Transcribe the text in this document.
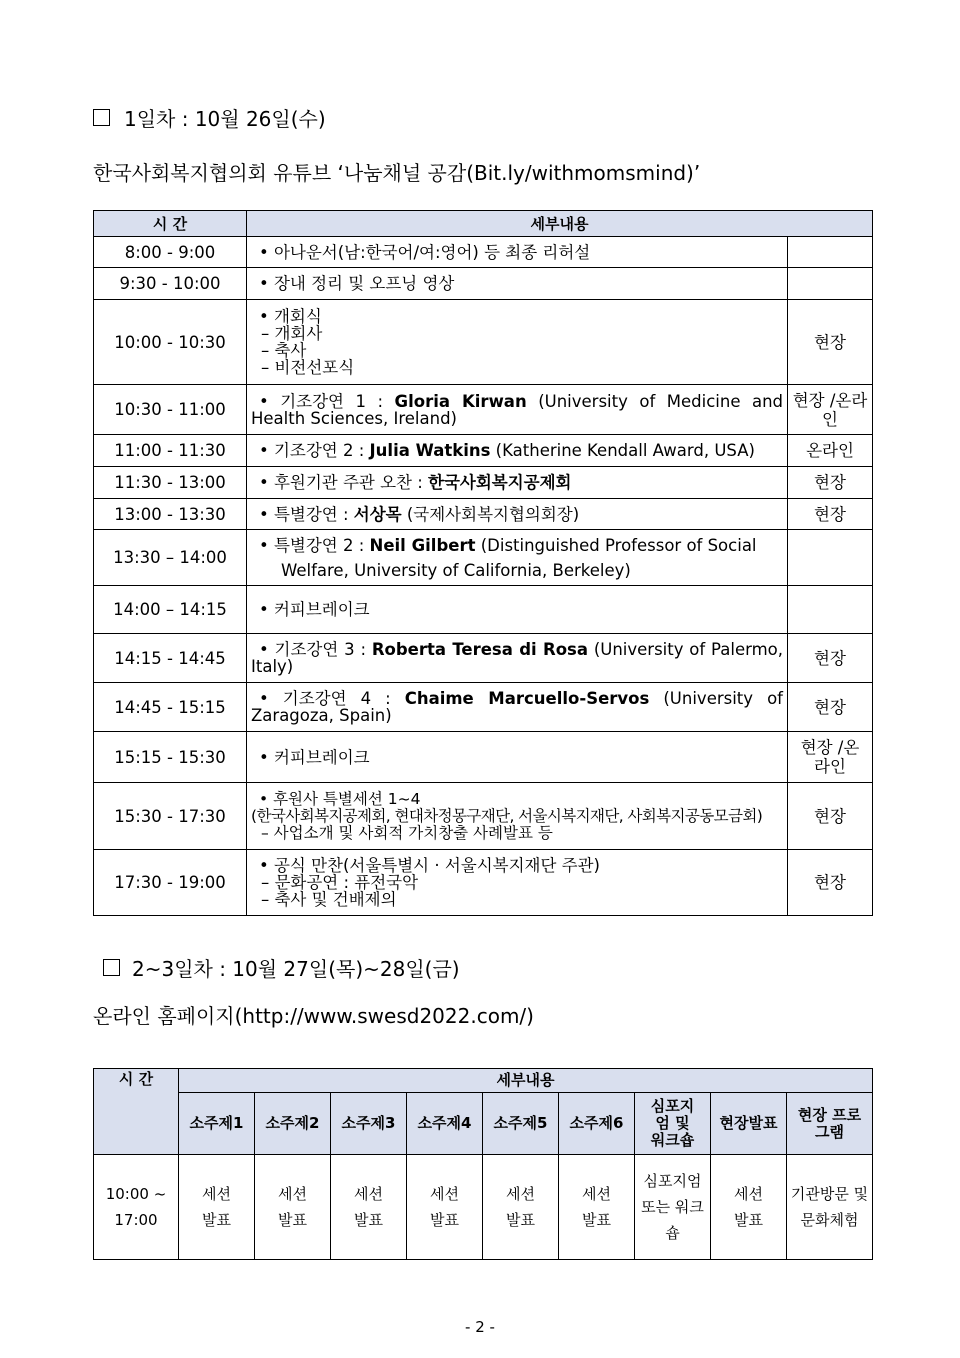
1일차 : 10월 26일(수)
한국사회복지협의회 유튜브 ‘나눔채널 공감(Bit.ly/withmomsmind)’
시 간	세부내용	
8:00 - 9:00	• 아나운서(남:한국어/여:영어) 등 최종 리허설	

9:30 - 10:00	• 장내 정리 및 오프닝 영상	

10:00 - 10:30	• 개회식
– 개회사
– 축사
– 비전선포식	현장
10:30 - 11:00	• 기조강연 1 : Gloria Kirwan (University of Medicine and Health Sciences, Ireland)	현장 /온라인
11:00 - 11:30	• 기조강연 2 : Julia Watkins (Katherine Kendall Award, USA)	온라인
11:30 - 13:00	• 후원기관 주관 오찬 : 한국사회복지공제회	현장
13:00 - 13:30	• 특별강연 : 서상목 (국제사회복지협의회장)	현장
13:30 – 14:00	• 특별강연 2 : Neil Gilbert (Distinguished Professor of Social
Welfare, University of California, Berkeley)	

14:00 – 14:15	• 커피브레이크	

14:15 - 14:45	• 기조강연 3 : Roberta Teresa di Rosa (University of Palermo, Italy)	현장
14:45 - 15:15	• 기조강연 4 : Chaime Marcuello-Servos (University of Zaragoza, Spain)	현장
15:15 - 15:30	• 커피브레이크	현장 /온라인
15:30 - 17:30	• 후원사 특별세션 1~4
(한국사회복지공제회, 현대차정몽구재단, 서울시복지재단, 사회복지공동모금회)
– 사업소개 및 사회적 가치창출 사례발표 등	현장
17:30 - 19:00	• 공식 만찬(서울특별시 · 서울시복지재단 주관)
– 문화공연 : 퓨전국악
– 축사 및 건배제의	현장
2~3일차 : 10월 27일(목)~28일(금)
온라인 홈페이지(http://www.swesd2022.com/)
시 간	세부내용								
	소주제1	소주제2	소주제3	소주제4	소주제5	소주제6	심포지엄 및 워크숍	현장발표	현장 프로그램
10:00 ~ 17:00	세션 발표	세션 발표	세션 발표	세션 발표	세션 발표	세션 발표	심포지엄 또는 워크숍	세션 발표	기관방문 및 문화체험
- 2 -
